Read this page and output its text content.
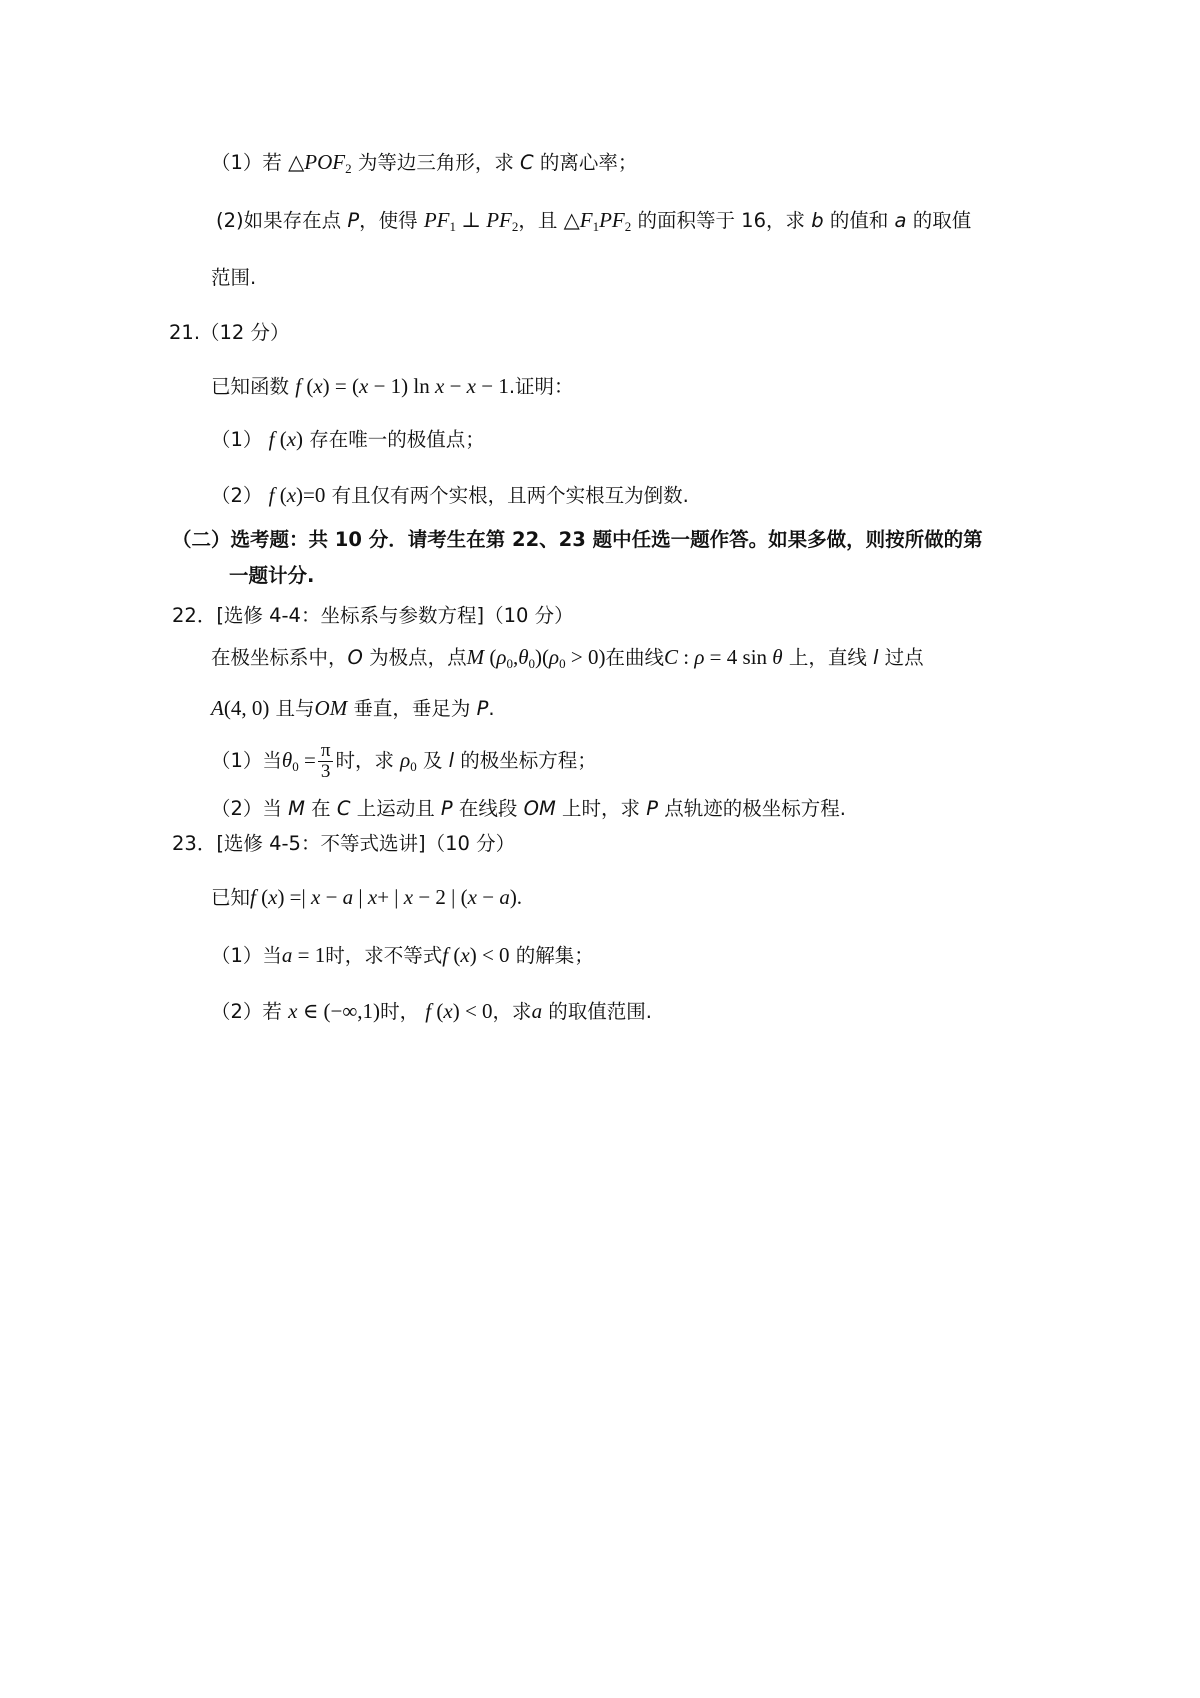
（1）若 $\triangle POF_2$ 为等边三角形，求 C 的离心率；
(2)如果存在点 P，使得 $PF_1$ ⊥ $PF_2$，且 $\triangle F_1PF_2$ 的面积等于 16，求 b 的值和 a 的取值
范围.
21.（12 分）
已知函数 f (x) = (x − 1) ln x − x − 1.证明：
（1） f (x) 存在唯一的极值点；
（2） f (x)=0 有且仅有两个实根，且两个实根互为倒数.
（二）选考题：共 10 分．请考生在第 22、23 题中任选一题作答。如果多做，则按所做的第
一题计分.
22．[选修 4-4：坐标系与参数方程]（10 分）
在极坐标系中，O 为极点，点M $(\rho_0,\theta_0)(\rho_0 > 0)$在曲线C : ρ = 4 sin θ 上，直线 l 过点
A(4, 0) 且与OM 垂直，垂足为 P.
（1）当$\theta_0 = \frac{\pi}{3}$ 时，求 $\rho_0$ 及 l 的极坐标方程；
（2）当 M 在 C 上运动且 P 在线段 OM 上时，求 P 点轨迹的极坐标方程.
23．[选修 4-5：不等式选讲]（10 分）
已知f (x) =| x − a | x+ | x − 2 | (x − a).
（1）当a = 1时，求不等式f (x) < 0 的解集；
（2）若 x ∈ (−∞,1)时， f (x) < 0，求a 的取值范围.
